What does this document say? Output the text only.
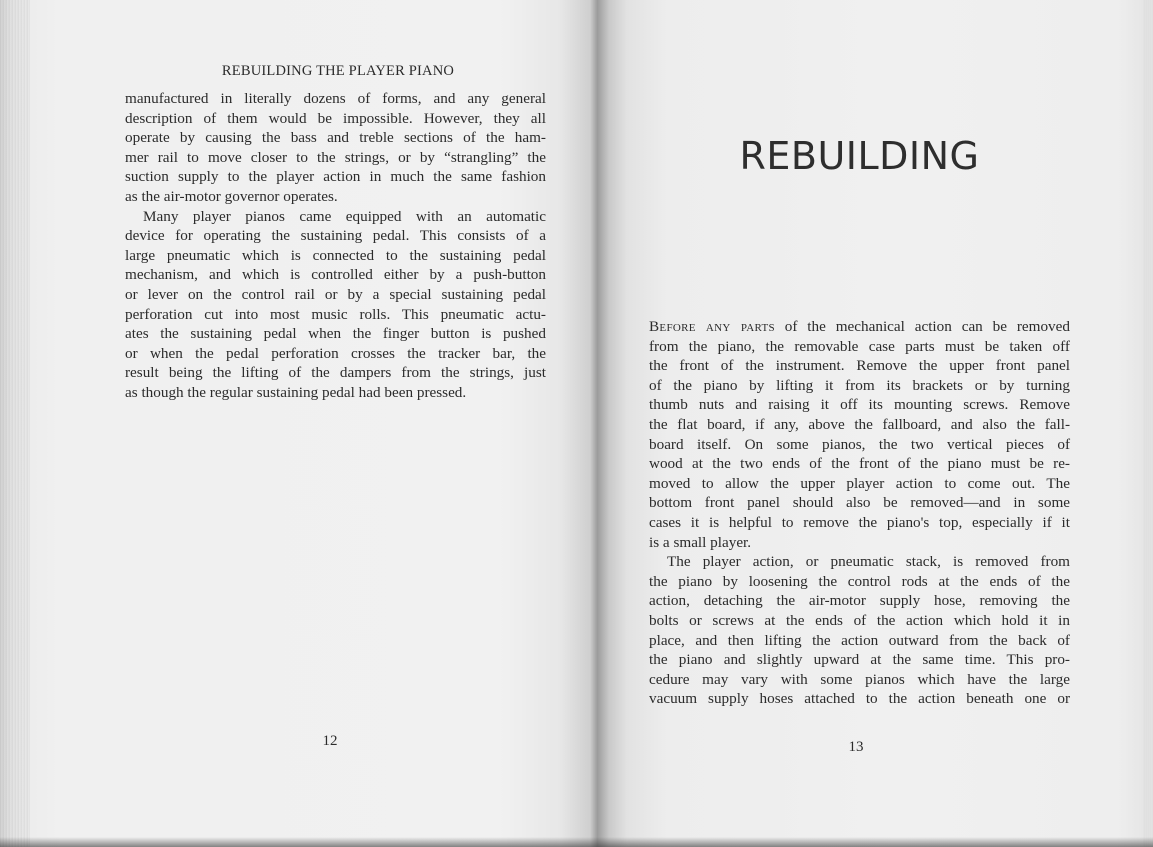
REBUILDING THE PLAYER PIANO
manufactured in literally dozens of forms, and any general
description of them would be impossible. However, they all
operate by causing the bass and treble sections of the ham-
mer rail to move closer to the strings, or by “strangling” the
suction supply to the player action in much the same fashion
as the air-motor governor operates.
Many player pianos came equipped with an automatic
device for operating the sustaining pedal. This consists of a
large pneumatic which is connected to the sustaining pedal
mechanism, and which is controlled either by a push-button
or lever on the control rail or by a special sustaining pedal
perforation cut into most music rolls. This pneumatic actu-
ates the sustaining pedal when the finger button is pushed
or when the pedal perforation crosses the tracker bar, the
result being the lifting of the dampers from the strings, just
as though the regular sustaining pedal had been pressed.
12
REBUILDING
Before any parts of the mechanical action can be removed
from the piano, the removable case parts must be taken off
the front of the instrument. Remove the upper front panel
of the piano by lifting it from its brackets or by turning
thumb nuts and raising it off its mounting screws. Remove
the flat board, if any, above the fallboard, and also the fall-
board itself. On some pianos, the two vertical pieces of
wood at the two ends of the front of the piano must be re-
moved to allow the upper player action to come out. The
bottom front panel should also be removed—and in some
cases it is helpful to remove the piano's top, especially if it
is a small player.
The player action, or pneumatic stack, is removed from
the piano by loosening the control rods at the ends of the
action, detaching the air-motor supply hose, removing the
bolts or screws at the ends of the action which hold it in
place, and then lifting the action outward from the back of
the piano and slightly upward at the same time. This pro-
cedure may vary with some pianos which have the large
vacuum supply hoses attached to the action beneath one or
13
